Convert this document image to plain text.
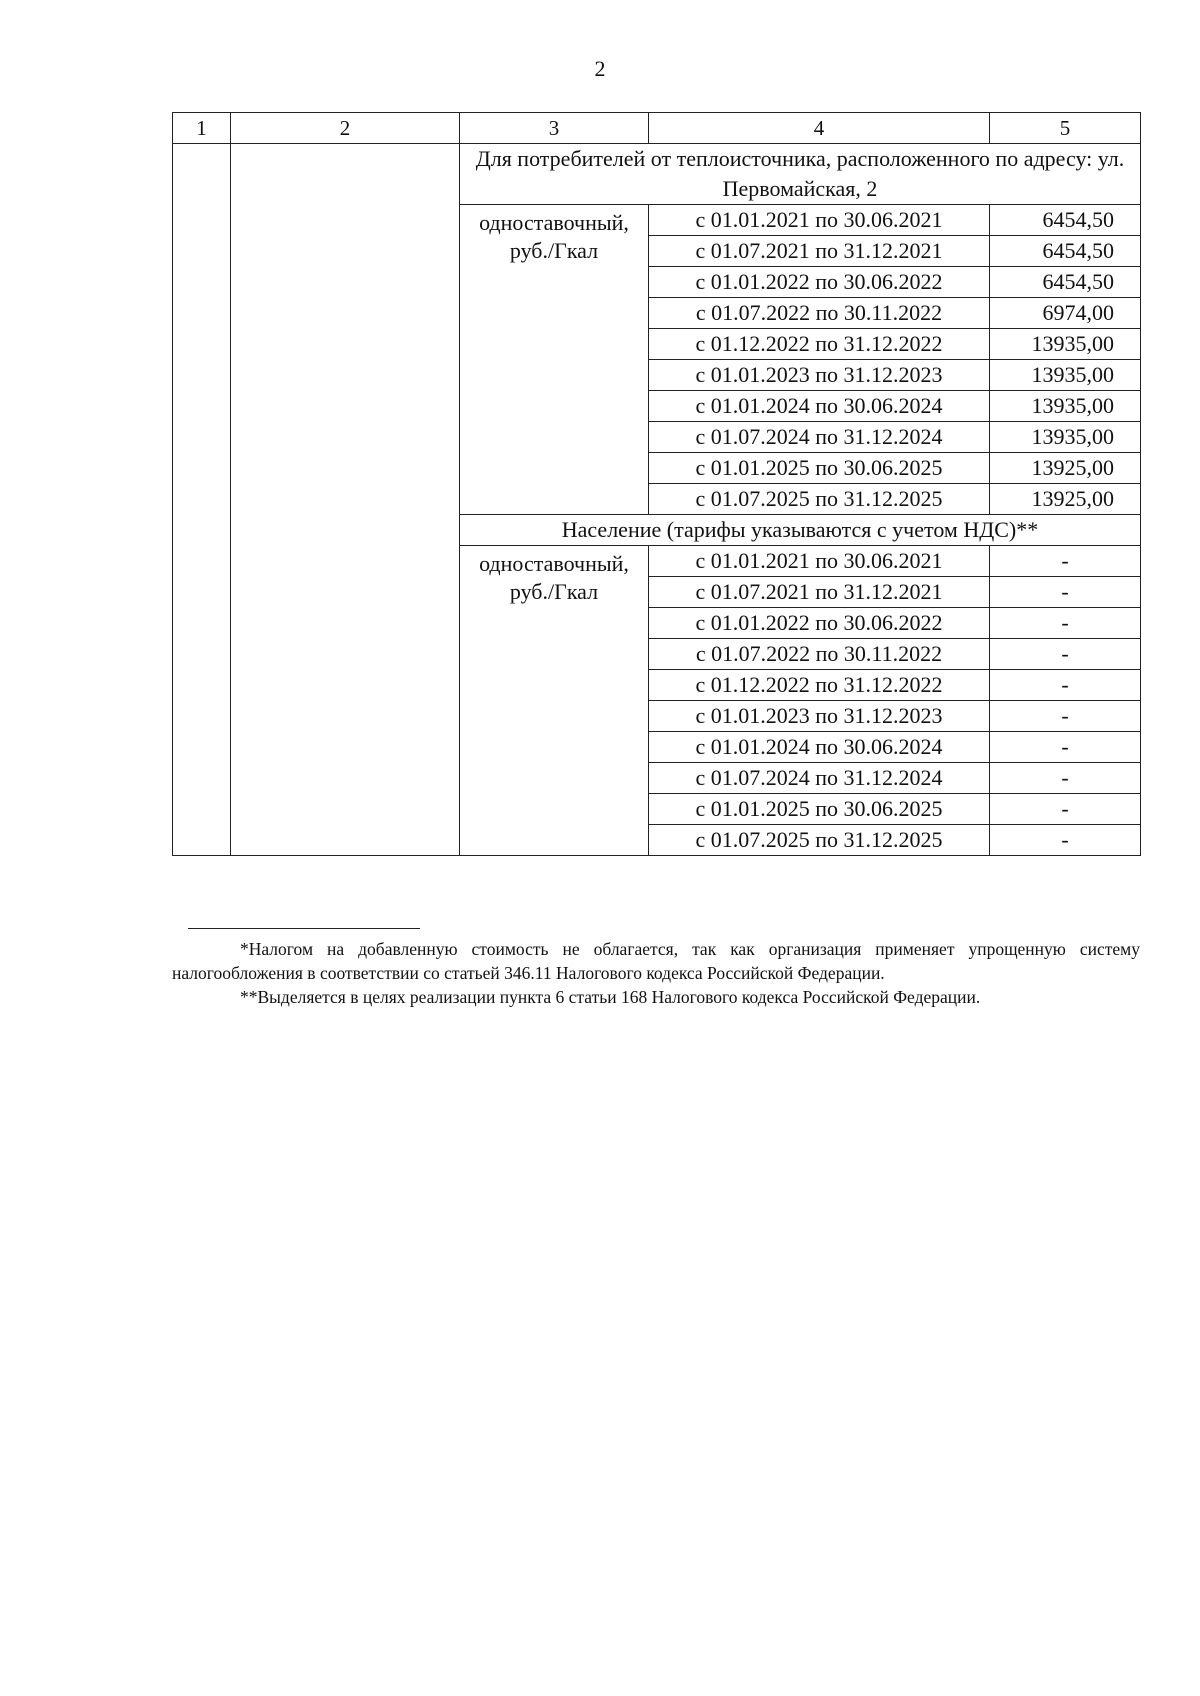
2
1	2	3	4	5
		Для потребителей от теплоисточника, расположенного по адресу: ул. Первомайская, 2		
		одноставочный, руб./Гкал	с 01.01.2021 по 30.06.2021	6454,50
			с 01.07.2021 по 31.12.2021	6454,50
			с 01.01.2022 по 30.06.2022	6454,50
			с 01.07.2022 по 30.11.2022	6974,00
			с 01.12.2022 по 31.12.2022	13935,00
			с 01.01.2023 по 31.12.2023	13935,00
			с 01.01.2024 по 30.06.2024	13935,00
			с 01.07.2024 по 31.12.2024	13935,00
			с 01.01.2025 по 30.06.2025	13925,00
			с 01.07.2025 по 31.12.2025	13925,00
		Население (тарифы указываются с учетом НДС)**		
		одноставочный, руб./Гкал	с 01.01.2021 по 30.06.2021	-
			с 01.07.2021 по 31.12.2021	-
			с 01.01.2022 по 30.06.2022	-
			с 01.07.2022 по 30.11.2022	-
			с 01.12.2022 по 31.12.2022	-
			с 01.01.2023 по 31.12.2023	-
			с 01.01.2024 по 30.06.2024	-
			с 01.07.2024 по 31.12.2024	-
			с 01.01.2025 по 30.06.2025	-
			с 01.07.2025 по 31.12.2025	-
*Налогом на добавленную стоимость не облагается, так как организация применяет упрощенную систему налогообложения в соответствии со статьей 346.11 Налогового кодекса Российской Федерации.
**Выделяется в целях реализации пункта 6 статьи 168 Налогового кодекса Российской Федерации.
